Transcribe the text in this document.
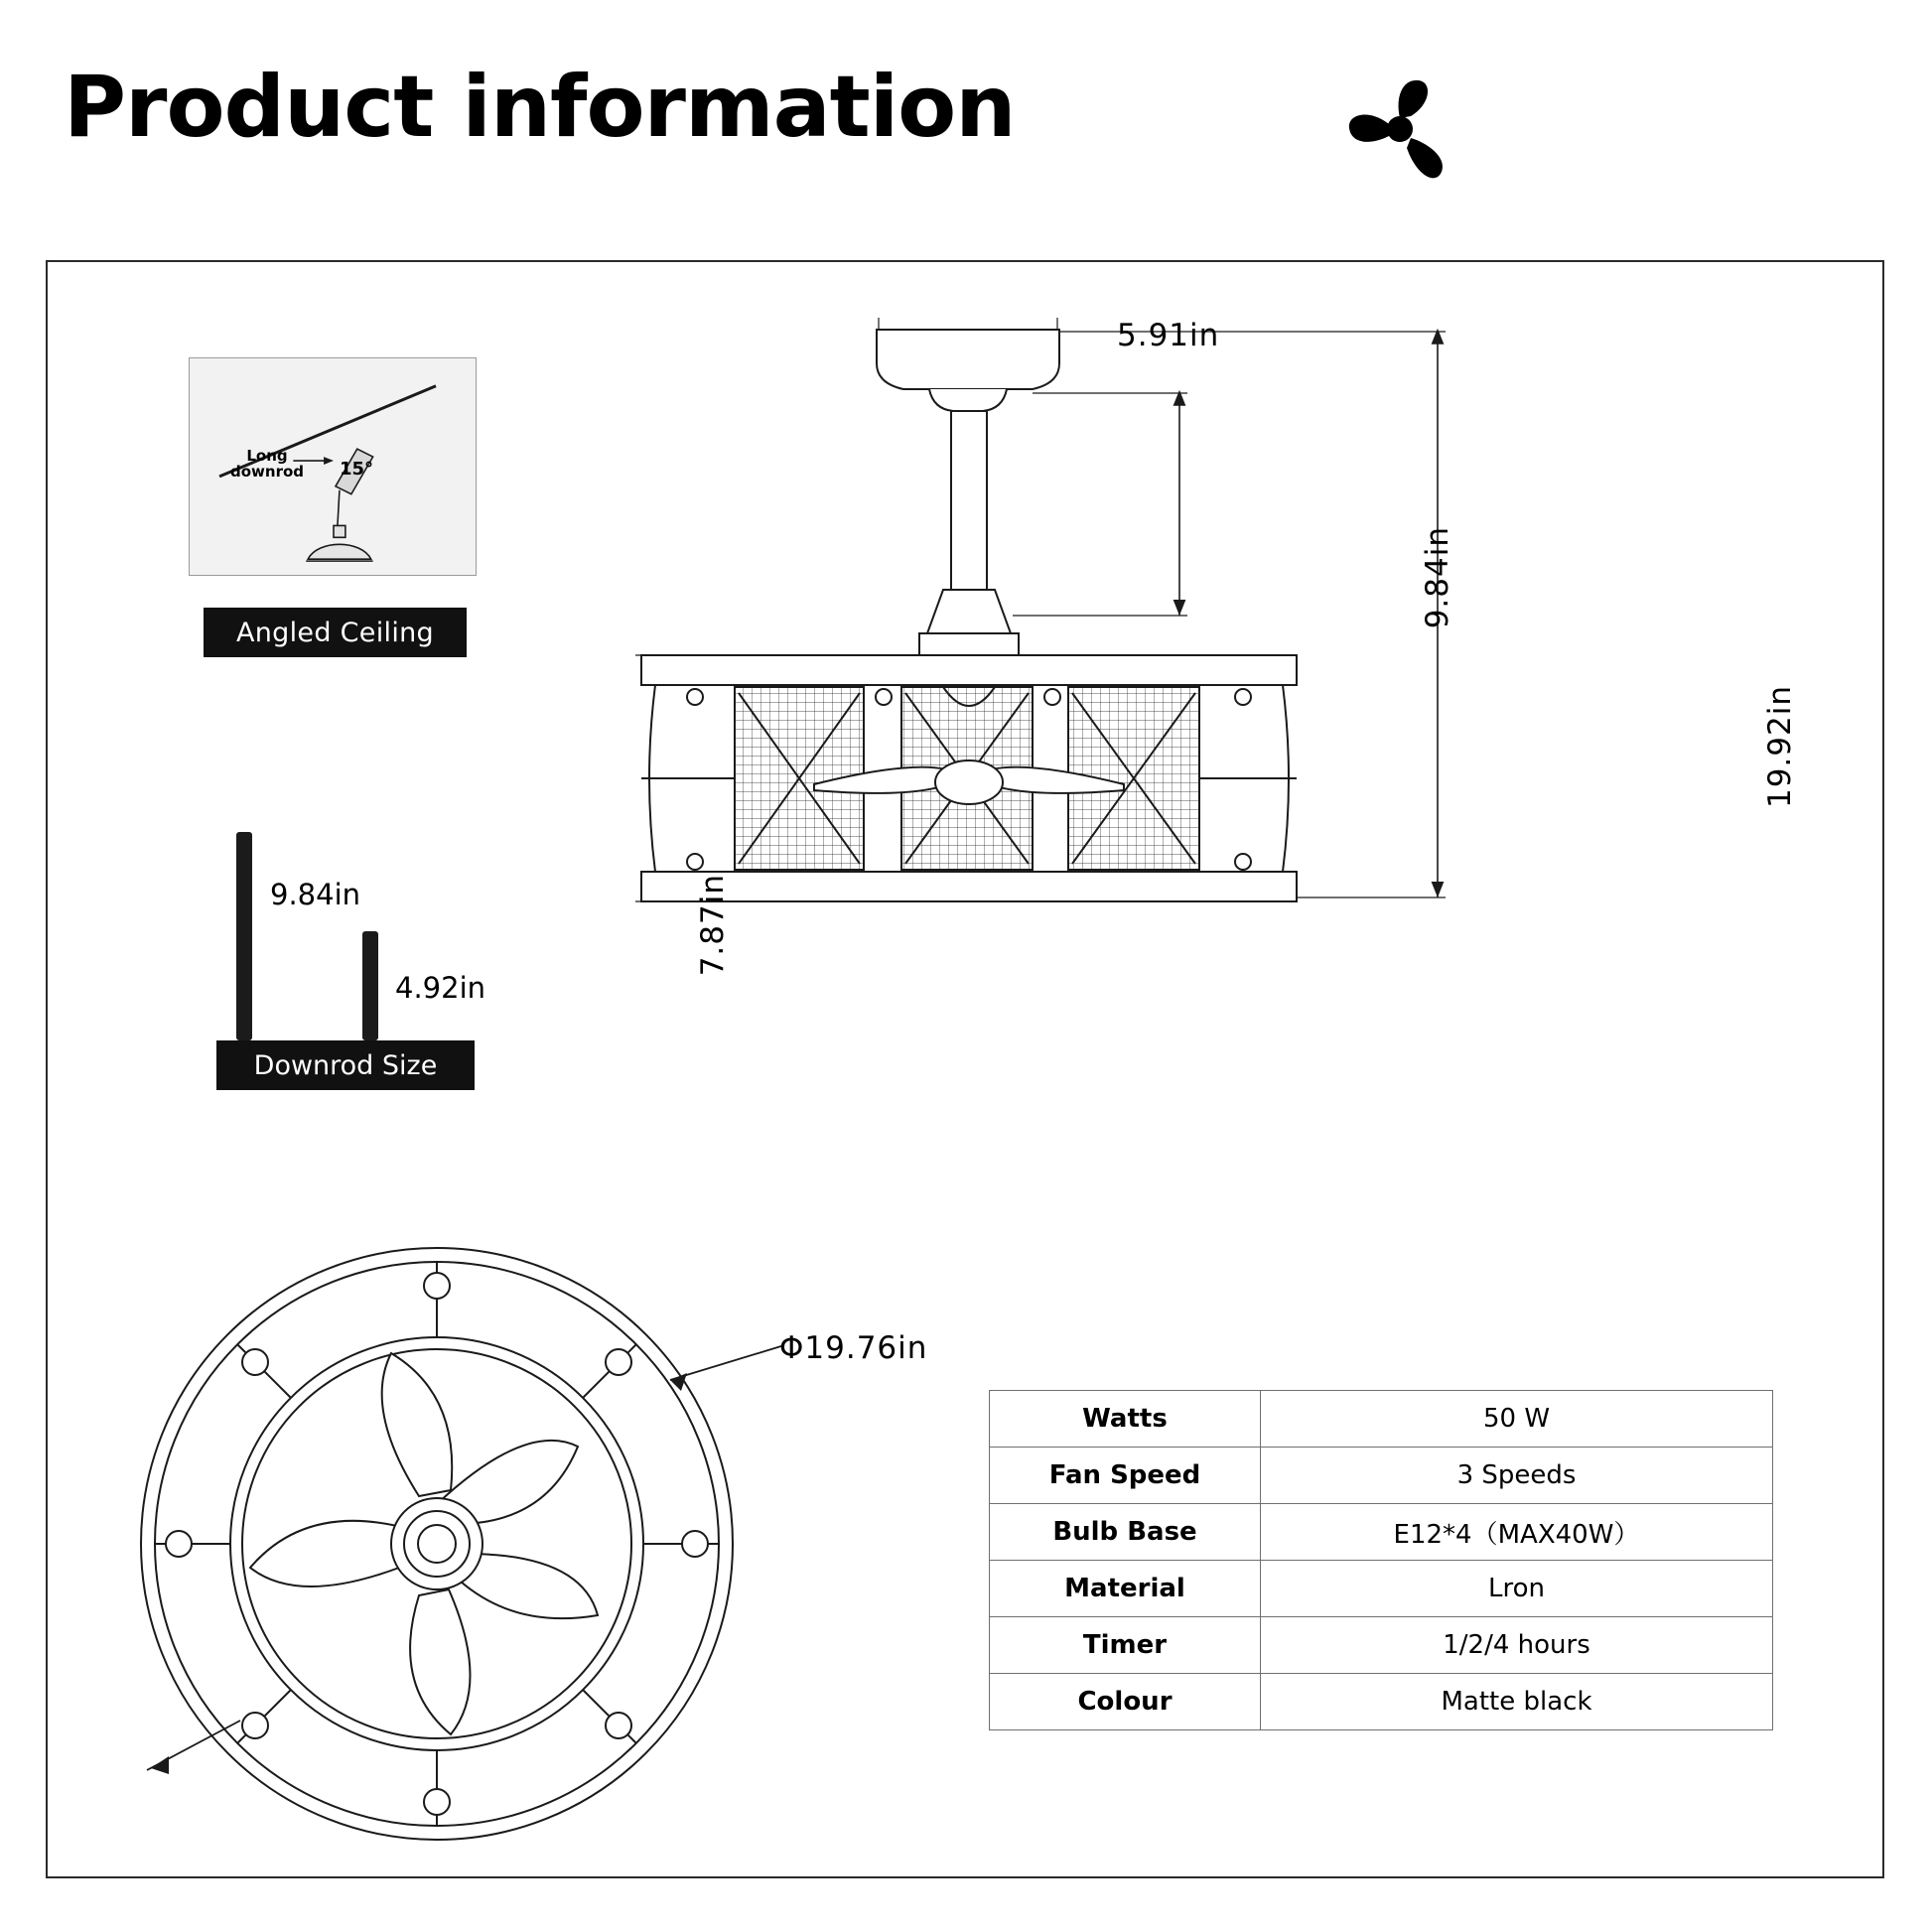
Product information
Long
downrod 15°
Angled Ceiling
9.84in
4.92in
Downrod Size
5.91in
9.84in
19.92in
7.87in
Φ19.76in
Watts	50 W
Fan Speed	3 Speeds
Bulb Base	E12*4（MAX40W）
Material	Lron
Timer	1/2/4 hours
Colour	Matte black
